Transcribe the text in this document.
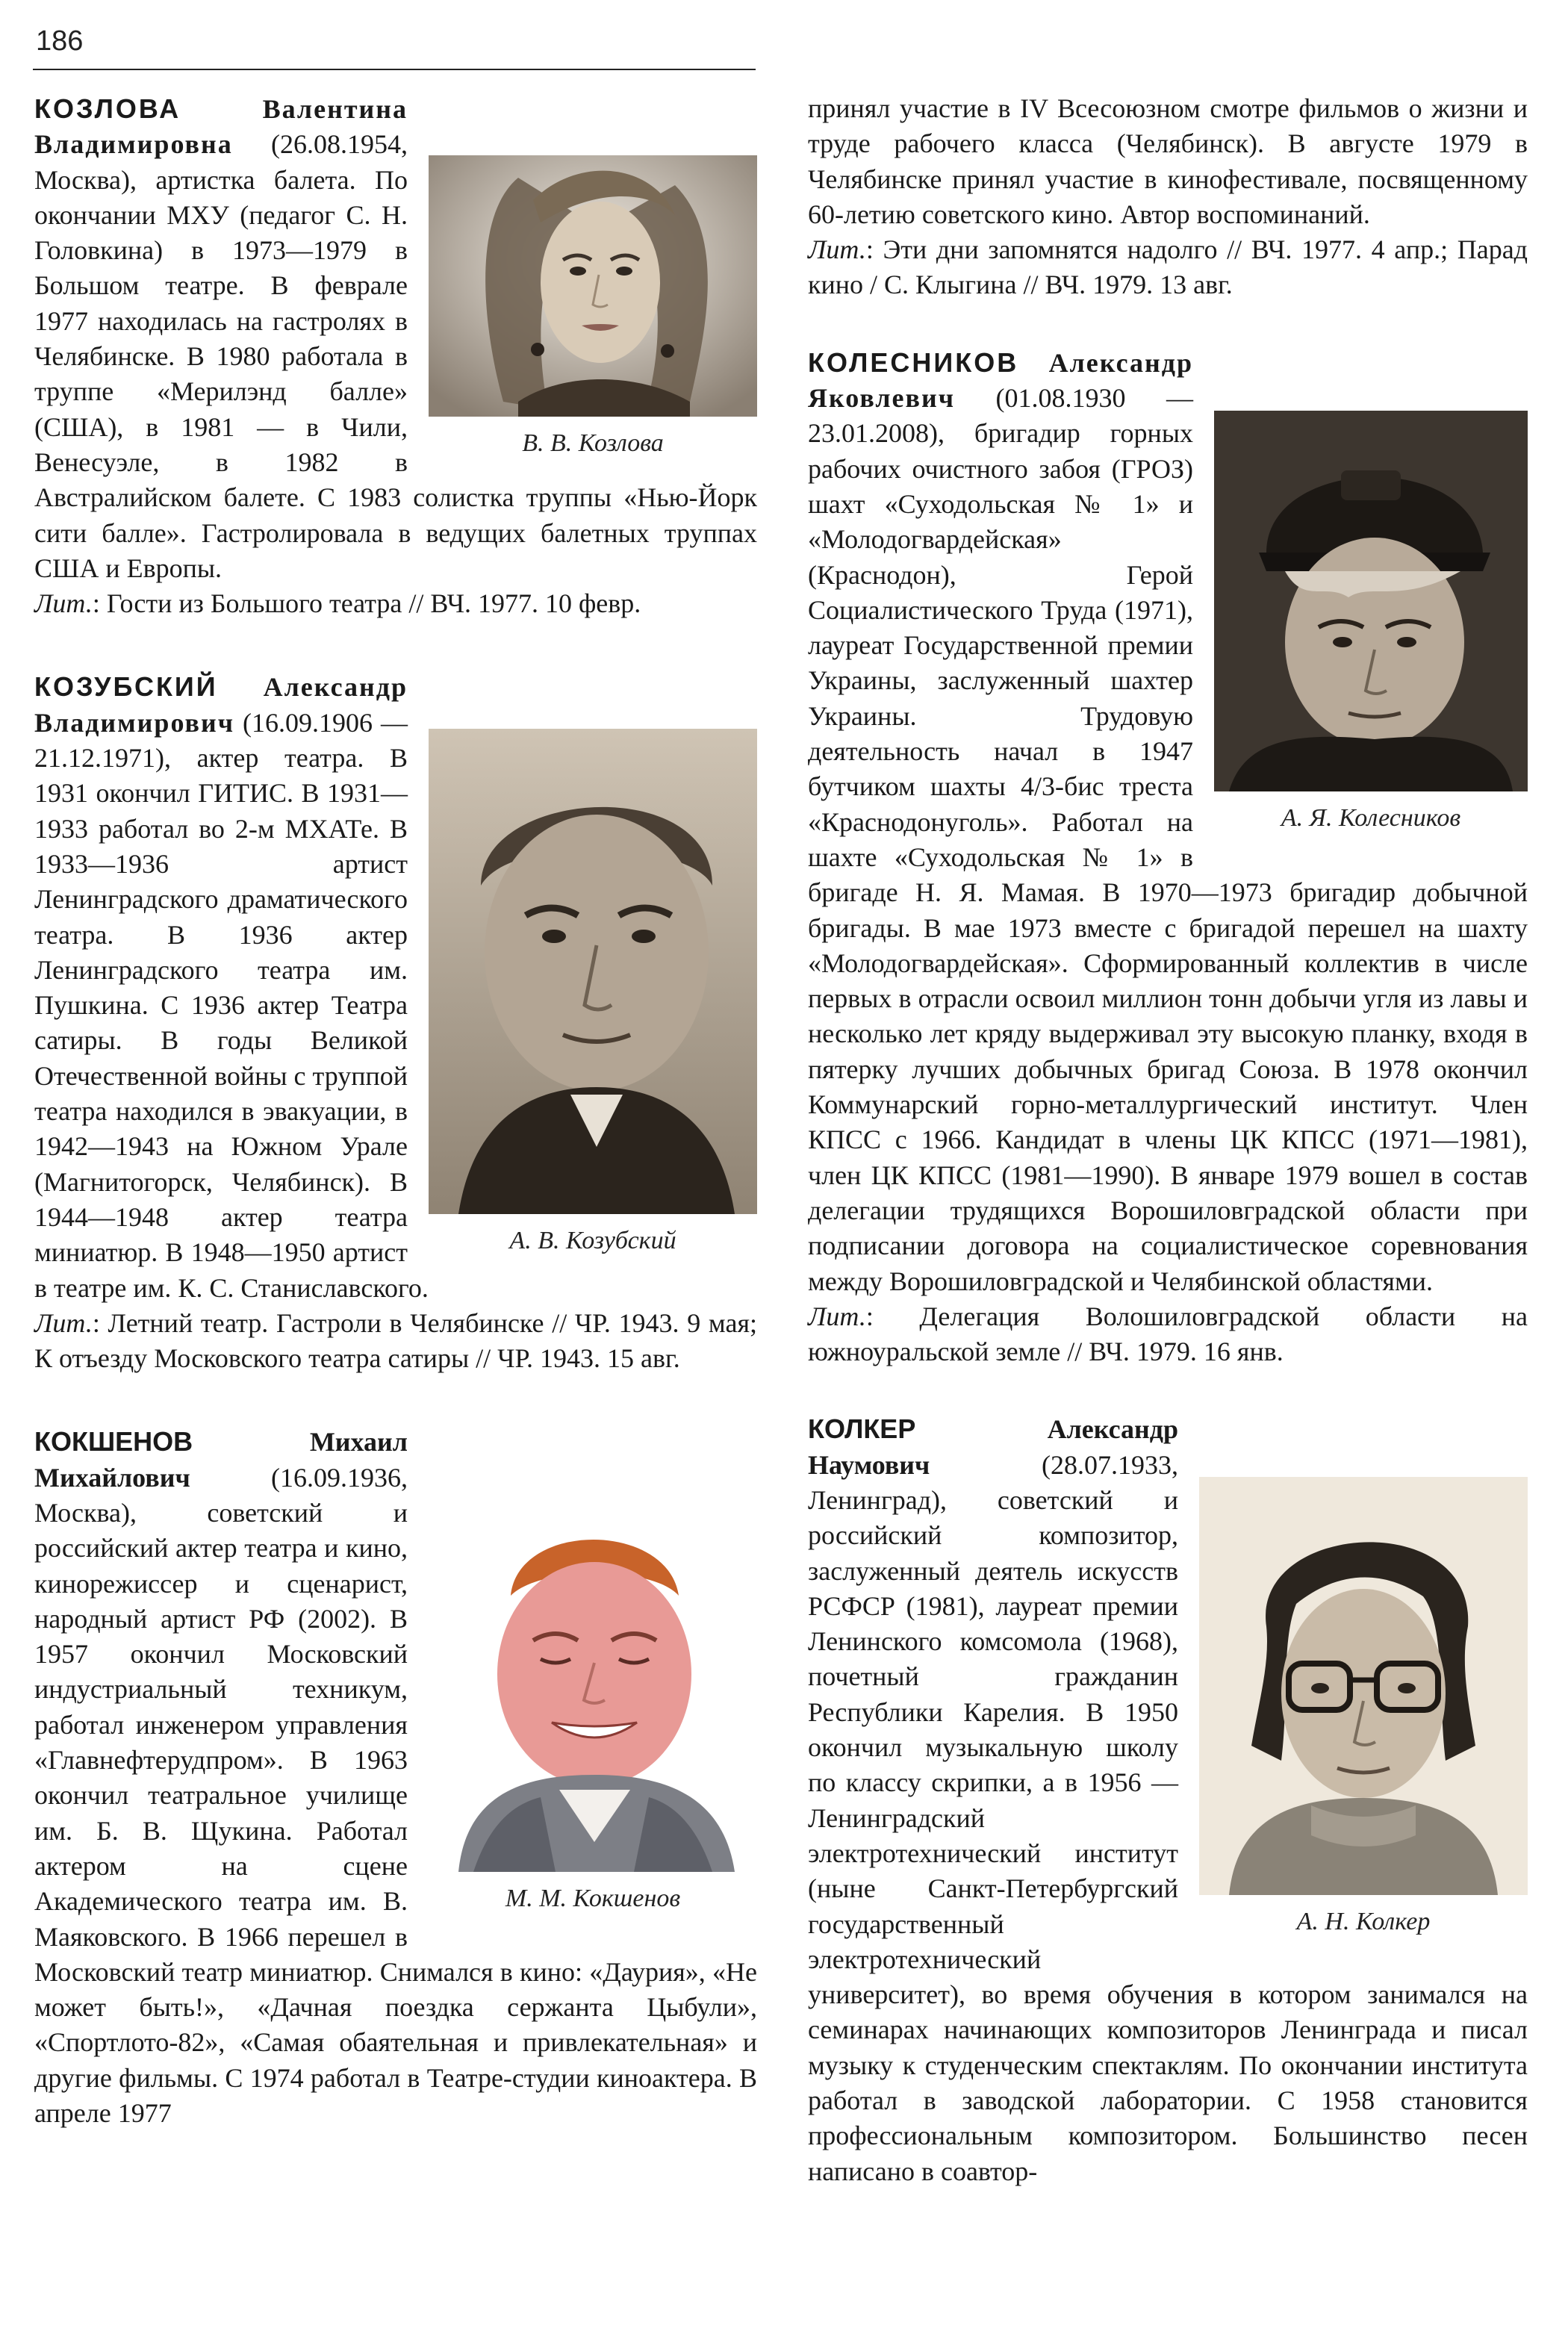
186
В. В. Козлова

КОЗЛОВА	Валентина Владимировна (26.08.1954, Москва), артистка балета. По окончании МХУ (педагог С. Н. Головкина) в 1973—1979 в Большом театре. В феврале 1977 находилась на гастролях в Челябинске. В 1980 работала в труппе «Мерилэнд балле» (США), в 1981 — в Чили, Венесуэле, в 1982 в Австралийском балете. С 1983 солистка труппы «Нью-Йорк сити балле». Гастролировала в ведущих балетных труппах США и Европы.

Лит.: Гости из Большого театра // ВЧ. 1977. 10 февр.

А. В. Козубский

КОЗУБСКИЙ Александр Владимирович (16.09.1906 — 21.12.1971), актер театра. В 1931 окончил ГИТИС. В 1931—1933 работал во 2-м МХАТе. В 1933—1936 артист Ленинградского драматического театра. В 1936 актер Ленинградского театра им. Пушкина. С 1936 актер Театра сатиры. В годы Великой Отечественной войны с труппой театра находился в эвакуации, в 1942—1943 на Южном Урале (Магнитогорск, Челябинск). В 1944—1948 актер театра миниатюр. В 1948—1950 артист в театре им. К. С. Станиславского.

Лит.: Летний театр. Гастроли в Челябинске // ЧР. 1943. 9 мая; К отъезду Московского театра сатиры // ЧР. 1943. 15 авг.

М. М. Кокшенов

КОКШЕНОВ	Михаил Михайлович	(16.09.1936, Москва), советский и российский актер театра и кино, кинорежиссер и сценарист, народный артист РФ (2002). В 1957 окончил Московский индустриальный техникум, работал инженером управления «Главнефтерудпром». В 1963 окончил театральное училище им. Б. В. Щукина. Работал актером на сцене Академического театра им. В. Маяковского. В 1966 перешел в Московский театр миниатюр. Снимался в кино: «Даурия», «Не может быть!», «Дачная поездка сержанта Цыбули», «Спортлото-82», «Самая обаятельная и привлекательная» и другие фильмы. С 1974 работал в Театре-студии киноактера. В апреле 1977

принял участие в IV Всесоюзном смотре фильмов о жизни и труде рабочего класса (Челябинск). В августе 1979 в Челябинске принял участие в кинофестивале, посвященному 60-летию советского кино. Автор воспоминаний.

Лит.: Эти дни запомнятся надолго // ВЧ. 1977. 4 апр.; Парад кино / С. Клыгина // ВЧ. 1979. 13 авг.

А. Я. Колесников

КОЛЕСНИКОВ Александр Яковлевич (01.08.1930 — 23.01.2008), бригадир горных рабочих очистного забоя (ГРОЗ) шахт «Суходольская № 1» и «Молодогвардейская» (Краснодон), Герой Социалистического Труда (1971), лауреат Государственной премии Украины, заслуженный шахтер Украины. Трудовую деятельность начал в 1947 бутчиком шахты 4/3-бис треста «Краснодонуголь». Работал на шахте «Суходольская № 1» в бригаде Н. Я. Мамая. В 1970—1973 бригадир добычной бригады. В мае 1973 вместе с бригадой перешел на шахту «Молодогвардейская». Сформированный коллектив в числе первых в отрасли освоил миллион тонн добычи угля из лавы и несколько лет кряду выдерживал эту высокую планку, входя в пятерку лучших добычных бригад Союза. В 1978 окончил Коммунарский горно-металлургический институт. Член КПСС с 1966. Кандидат в члены ЦК КПСС (1971—1981), член ЦК КПСС (1981—1990). В январе 1979 вошел в состав делегации трудящихся Ворошиловградской области при подписании договора на социалистическое соревнования между Ворошиловградской и Челябинской областями.

Лит.: Делегация Волошиловградской области на южноуральской земле // ВЧ. 1979. 16 янв.

А. Н. Колкер

КОЛКЕР	Александр Наумович	(28.07.1933, Ленинград), советский и российский композитор, заслуженный деятель искусств РСФСР (1981), лауреат премии Ленинского комсомола (1968), почетный гражданин Республики Карелия. В 1950 окончил музыкальную школу по классу скрипки, а в 1956 — Ленинградский электротехнический институт (ныне Санкт-Петербургский государственный электротехнический университет), во время обучения в котором занимался на семинарах начинающих композиторов Ленинграда и писал музыку к студенческим спектаклям. По окончании института работал в заводской лаборатории. С 1958 становится профессиональным композитором. Большинство песен написано в соавтор-
